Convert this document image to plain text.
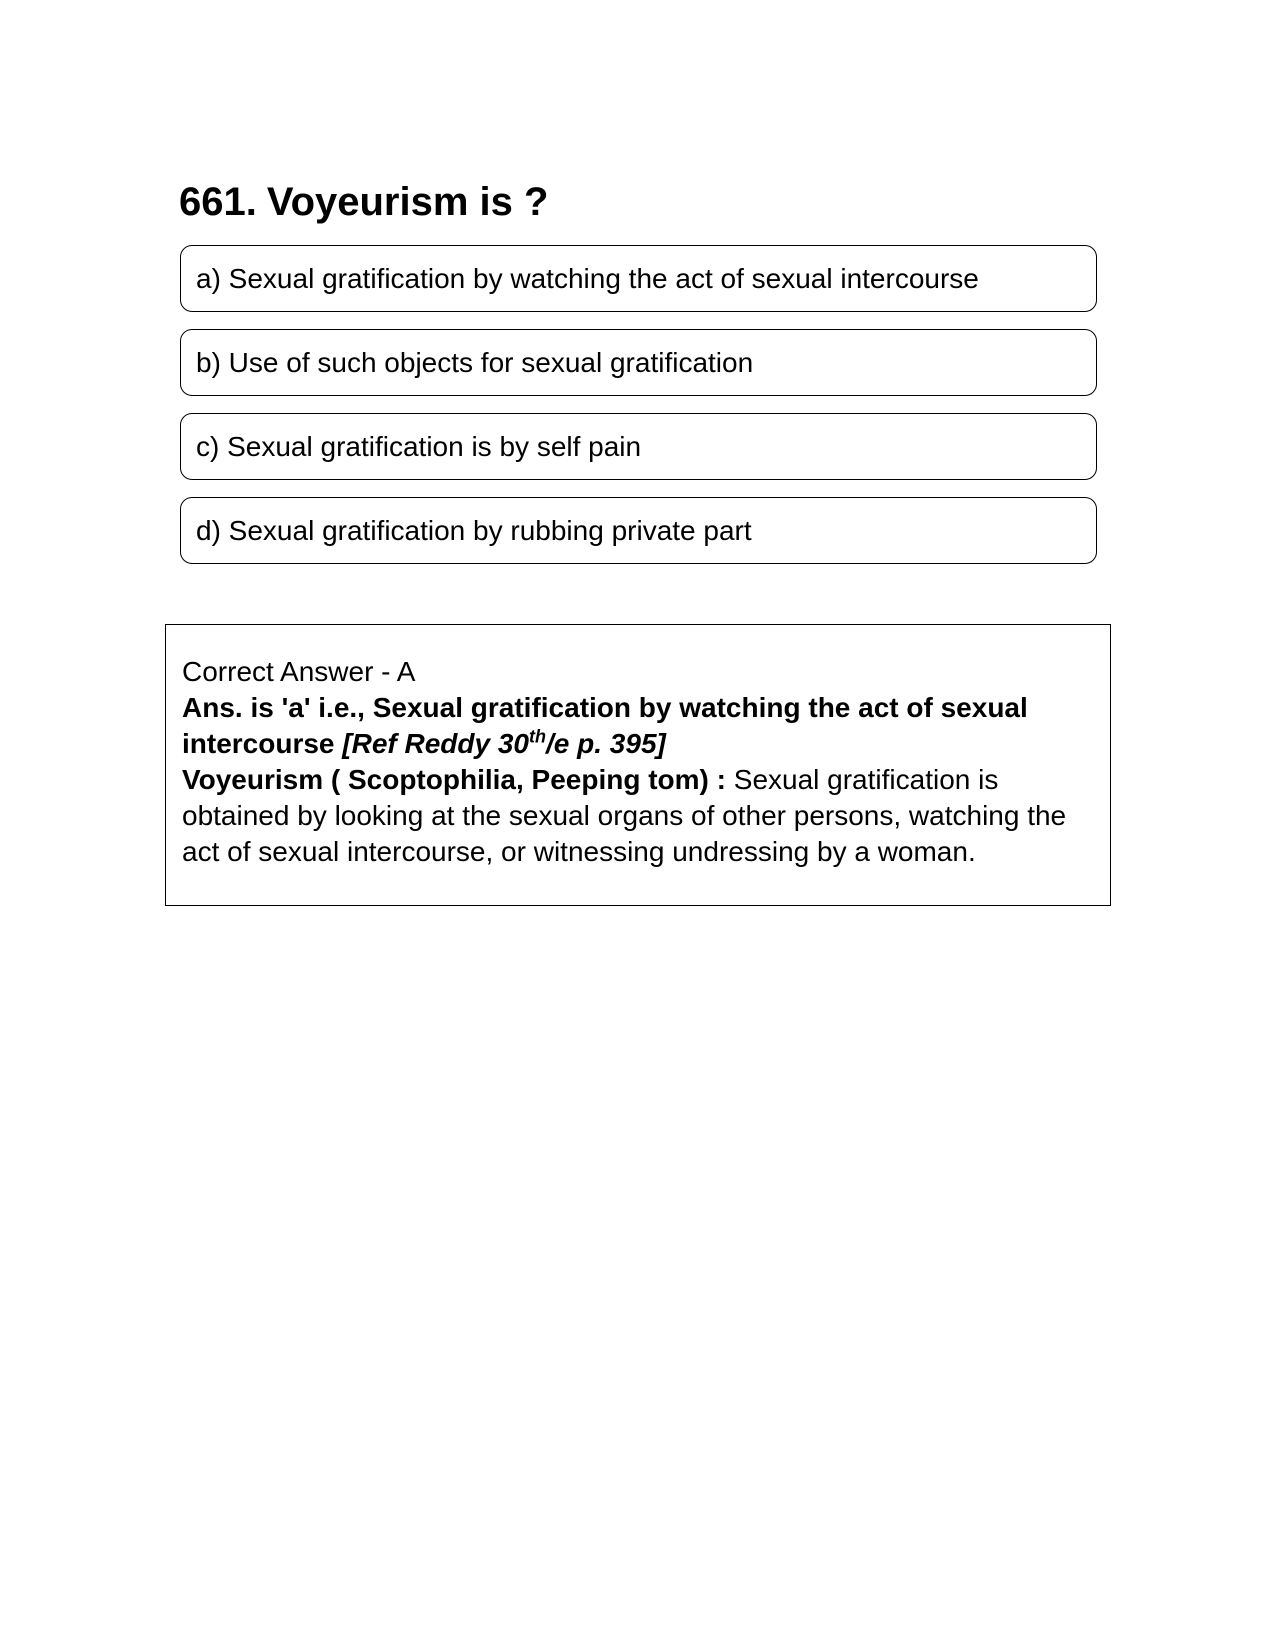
661. Voyeurism is ?
a) Sexual gratification by watching the act of sexual intercourse
b) Use of such objects for sexual gratification
c) Sexual gratification is by self pain
d) Sexual gratification by rubbing private part

Correct Answer - A

Ans. is 'a' i.e., Sexual gratification by watching the act of sexual intercourse [Ref Reddy 30th/e p. 395]

Voyeurism ( Scoptophilia, Peeping tom) : Sexual gratification is obtained by looking at the sexual organs of other persons, watching the act of sexual intercourse, or witnessing undressing by a woman.
